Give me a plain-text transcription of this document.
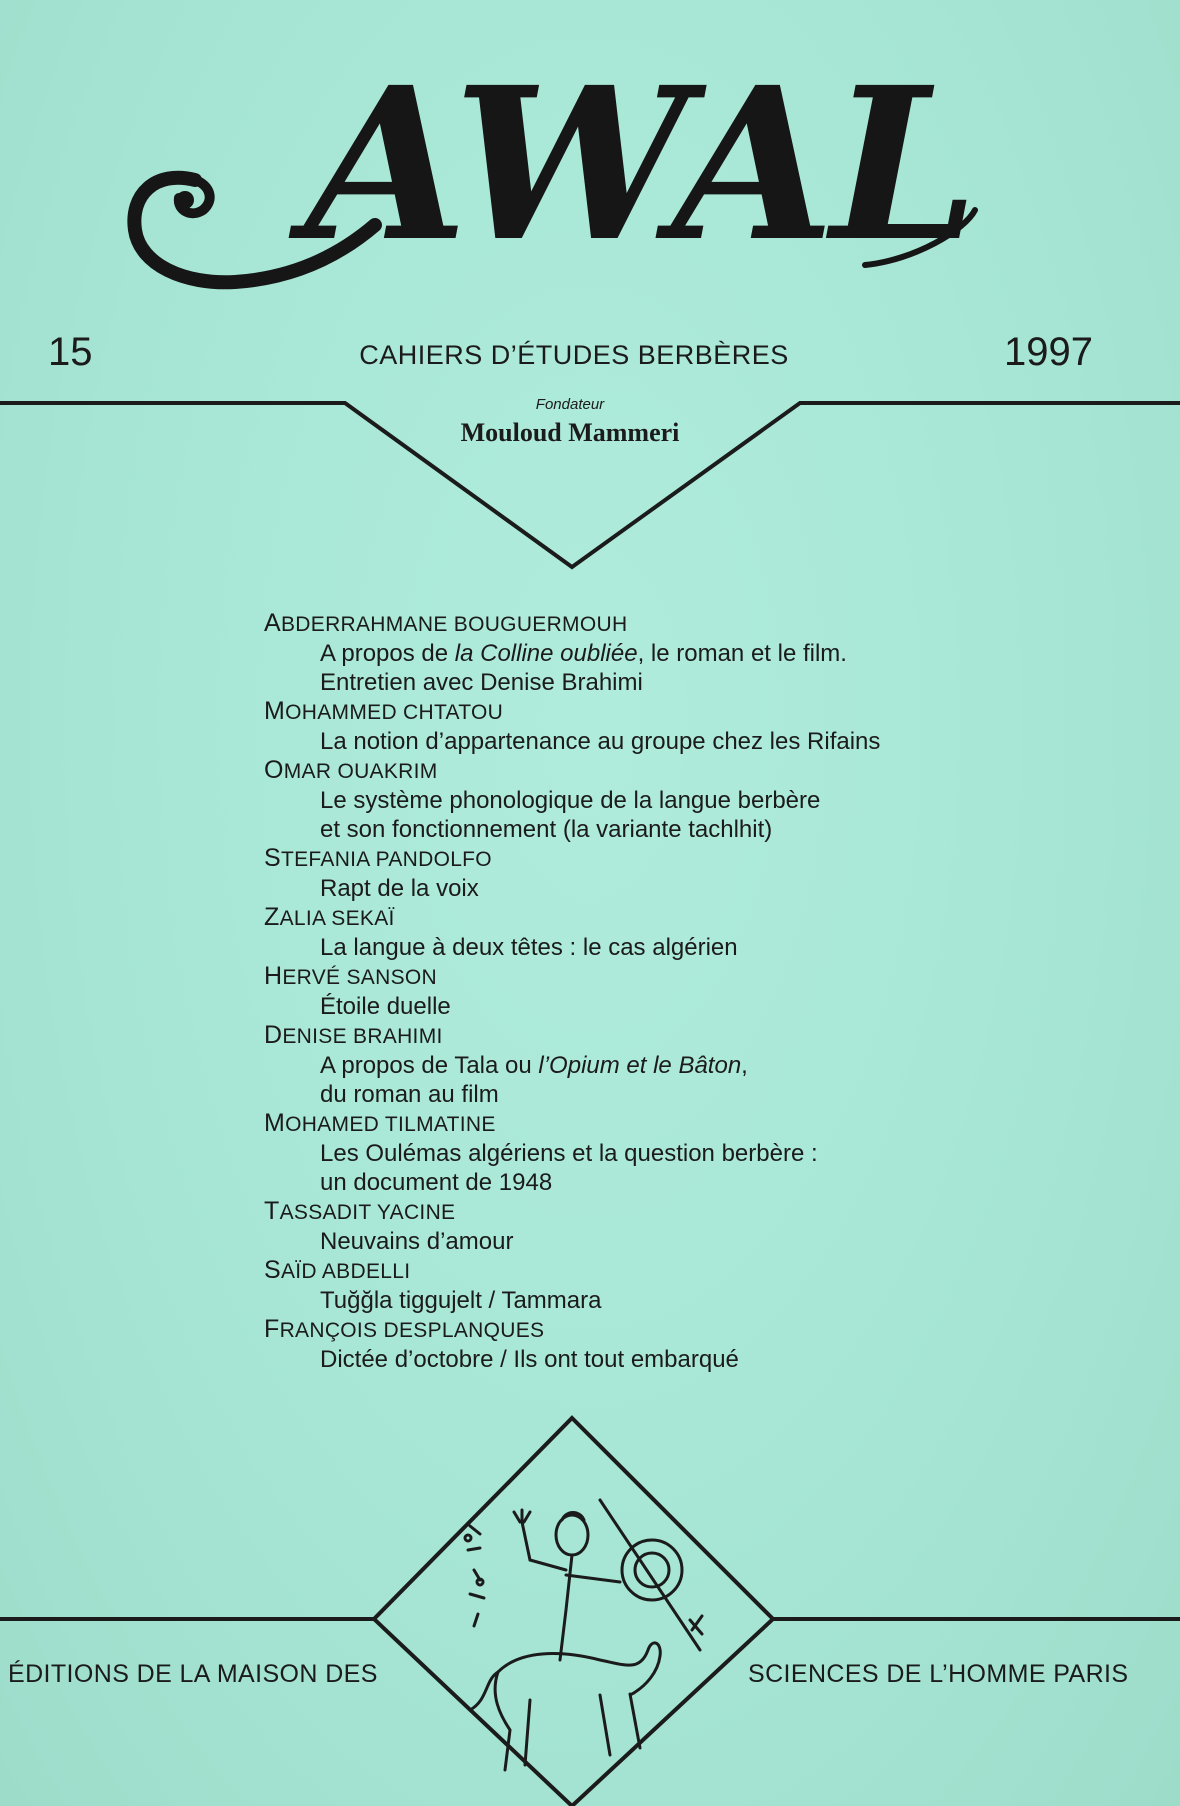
AWAL
15	CAHIERS D’ÉTUDES BERBÈRES	1997
Fondateur
Mouloud Mammeri
ABDERRAHMANE BOUGUERMOUH
A propos de la Colline oubliée, le roman et le film.
Entretien avec Denise Brahimi
MOHAMMED CHTATOU
La notion d’appartenance au groupe chez les Rifains
OMAR OUAKRIM
Le système phonologique de la langue berbère
et son fonctionnement (la variante tachlhit)
STEFANIA PANDOLFO
Rapt de la voix
ZALIA SEKAÏ
La langue à deux têtes : le cas algérien
HERVÉ SANSON
Étoile duelle
DENISE BRAHIMI
A propos de Tala ou l’Opium et le Bâton,
du roman au film
MOHAMED TILMATINE
Les Oulémas algériens et la question berbère :
un document de 1948
TASSADIT YACINE
Neuvains d’amour
SAÏD ABDELLI
Tuğğla tiggujelt / Tammara
FRANÇOIS DESPLANQUES
Dictée d’octobre / Ils ont tout embarqué
ÉDITIONS DE LA MAISON DES	SCIENCES DE L’HOMME PARIS
